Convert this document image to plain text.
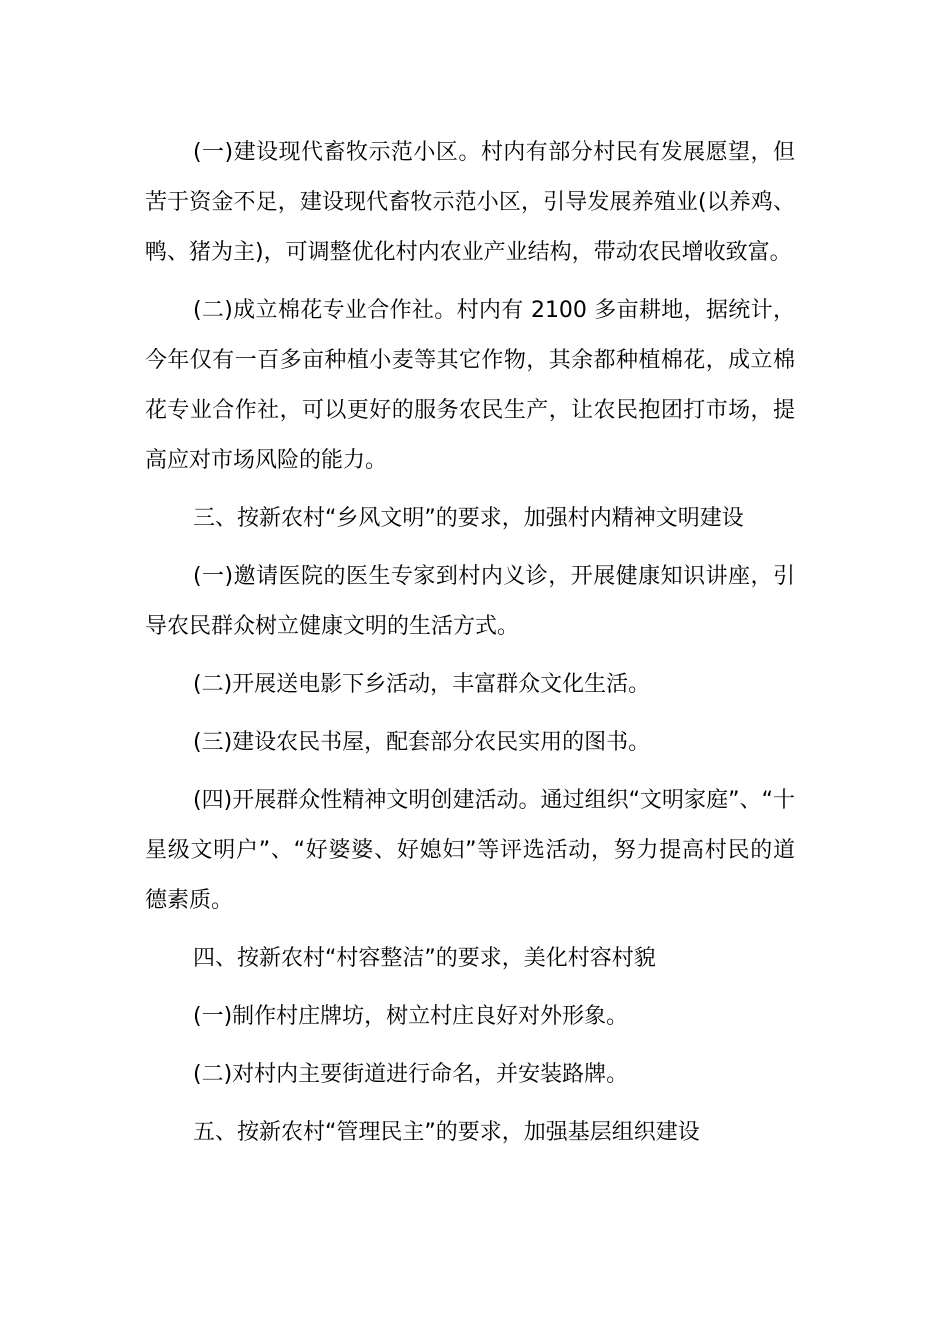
(一)建设现代畜牧示范小区。村内有部分村民有发展愿望，但苦于资金不足，建设现代畜牧示范小区，引导发展养殖业(以养鸡、鸭、猪为主)，可调整优化村内农业产业结构，带动农民增收致富。

(二)成立棉花专业合作社。村内有 2100 多亩耕地，据统计，今年仅有一百多亩种植小麦等其它作物，其余都种植棉花，成立棉花专业合作社，可以更好的服务农民生产，让农民抱团打市场，提高应对市场风险的能力。

三、按新农村“乡风文明”的要求，加强村内精神文明建设

(一)邀请医院的医生专家到村内义诊，开展健康知识讲座，引导农民群众树立健康文明的生活方式。

(二)开展送电影下乡活动，丰富群众文化生活。

(三)建设农民书屋，配套部分农民实用的图书。

(四)开展群众性精神文明创建活动。通过组织“文明家庭”、“十星级文明户”、“好婆婆、好媳妇”等评选活动，努力提高村民的道德素质。

四、按新农村“村容整洁”的要求，美化村容村貌

(一)制作村庄牌坊，树立村庄良好对外形象。

(二)对村内主要街道进行命名，并安装路牌。

五、按新农村“管理民主”的要求，加强基层组织建设
